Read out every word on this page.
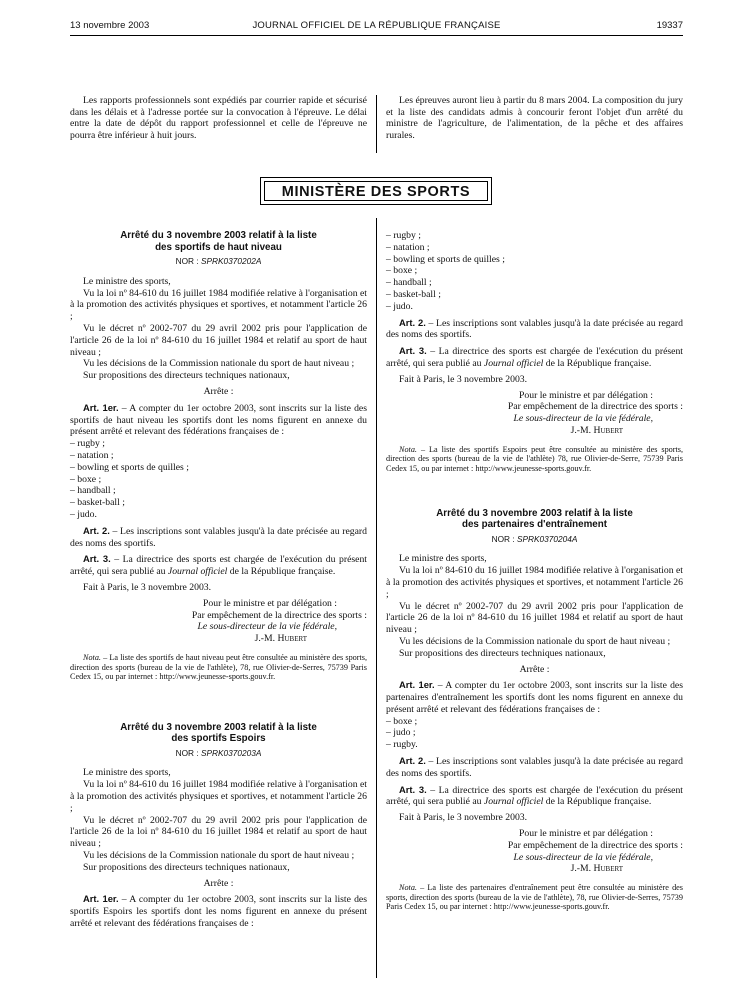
13 novembre 2003	JOURNAL OFFICIEL DE LA RÉPUBLIQUE FRANÇAISE	19337

Les rapports professionnels sont expédiés par courrier rapide et sécurisé dans les délais et à l'adresse portée sur la convocation à l'épreuve. Le délai entre la date de dépôt du rapport professionnel et celle de l'épreuve ne pourra être inférieur à huit jours.

Les épreuves auront lieu à partir du 8 mars 2004. La composition du jury et la liste des candidats admis à concourir feront l'objet d'un arrêté du ministre de l'agriculture, de l'alimentation, de la pêche et des affaires rurales.

MINISTÈRE DES SPORTS

Arrêté du 3 novembre 2003 relatif à la liste
des sportifs de haut niveau

NOR : SPRK0370202A

Le ministre des sports,

Vu la loi nº 84-610 du 16 juillet 1984 modifiée relative à l'organisation et à la promotion des activités physiques et sportives, et notamment l'article 26 ;

Vu le décret nº 2002-707 du 29 avril 2002 pris pour l'application de l'article 26 de la loi nº 84-610 du 16 juillet 1984 et relatif au sport de haut niveau ;

Vu les décisions de la Commission nationale du sport de haut niveau ;

Sur propositions des directeurs techniques nationaux,

Arrête :

Art. 1er. – A compter du 1er octobre 2003, sont inscrits sur la liste des sportifs de haut niveau les sportifs dont les noms figurent en annexe du présent arrêté et relevant des fédérations françaises de :

– rugby ;

– natation ;

– bowling et sports de quilles ;

– boxe ;

– handball ;

– basket-ball ;

– judo.

Art. 2. – Les inscriptions sont valables jusqu'à la date précisée au regard des noms des sportifs.

Art. 3. – La directrice des sports est chargée de l'exécution du présent arrêté, qui sera publié au Journal officiel de la République française.

Fait à Paris, le 3 novembre 2003.

Pour le ministre et par délégation :

Par empêchement de la directrice des sports :

Le sous-directeur de la vie fédérale,

J.-M. Hubert

Nota. – La liste des sportifs de haut niveau peut être consultée au ministère des sports, direction des sports (bureau de la vie de l'athlète), 78, rue Olivier-de-Serres, 75739 Paris Cedex 15, ou par internet : http://www.jeunesse-sports.gouv.fr.

Arrêté du 3 novembre 2003 relatif à la liste
des sportifs Espoirs

NOR : SPRK0370203A

Le ministre des sports,

Vu la loi nº 84-610 du 16 juillet 1984 modifiée relative à l'organisation et à la promotion des activités physiques et sportives, et notamment l'article 26 ;

Vu le décret nº 2002-707 du 29 avril 2002 pris pour l'application de l'article 26 de la loi nº 84-610 du 16 juillet 1984 et relatif au sport de haut niveau ;

Vu les décisions de la Commission nationale du sport de haut niveau ;

Sur propositions des directeurs techniques nationaux,

Arrête :

Art. 1er. – A compter du 1er octobre 2003, sont inscrits sur la liste des sportifs Espoirs les sportifs dont les noms figurent en annexe du présent arrêté et relevant des fédérations françaises de :

– rugby ;

– natation ;

– bowling et sports de quilles ;

– boxe ;

– handball ;

– basket-ball ;

– judo.

Art. 2. – Les inscriptions sont valables jusqu'à la date précisée au regard des noms des sportifs.

Art. 3. – La directrice des sports est chargée de l'exécution du présent arrêté, qui sera publié au Journal officiel de la République française.

Fait à Paris, le 3 novembre 2003.

Pour le ministre et par délégation :

Par empêchement de la directrice des sports :

Le sous-directeur de la vie fédérale,

J.-M. Hubert

Nota. – La liste des sportifs Espoirs peut être consultée au ministère des sports, direction des sports (bureau de la vie de l'athlète) 78, rue Olivier-de-Serre, 75739 Paris Cedex 15, ou par internet : http://www.jeunesse-sports.gouv.fr.

Arrêté du 3 novembre 2003 relatif à la liste
des partenaires d'entraînement

NOR : SPRK0370204A

Le ministre des sports,

Vu la loi nº 84-610 du 16 juillet 1984 modifiée relative à l'organisation et à la promotion des activités physiques et sportives, et notamment l'article 26 ;

Vu le décret nº 2002-707 du 29 avril 2002 pris pour l'application de l'article 26 de la loi nº 84-610 du 16 juillet 1984 et relatif au sport de haut niveau ;

Vu les décisions de la Commission nationale du sport de haut niveau ;

Sur propositions des directeurs techniques nationaux,

Arrête :

Art. 1er. – A compter du 1er octobre 2003, sont inscrits sur la liste des partenaires d'entraînement les sportifs dont les noms figurent en annexe du présent arrêté et relevant des fédérations françaises de :

– boxe ;

– judo ;

– rugby.

Art. 2. – Les inscriptions sont valables jusqu'à la date précisée au regard des noms des sportifs.

Art. 3. – La directrice des sports est chargée de l'exécution du présent arrêté, qui sera publié au Journal officiel de la République française.

Fait à Paris, le 3 novembre 2003.

Pour le ministre et par délégation :

Par empêchement de la directrice des sports :

Le sous-directeur de la vie fédérale,

J.-M. Hubert

Nota. – La liste des partenaires d'entraînement peut être consultée au ministère des sports, direction des sports (bureau de la vie de l'athlète), 78, rue Olivier-de-Serres, 75739 Paris Cedex 15, ou par internet : http://www.jeunesse-sports.gouv.fr.
